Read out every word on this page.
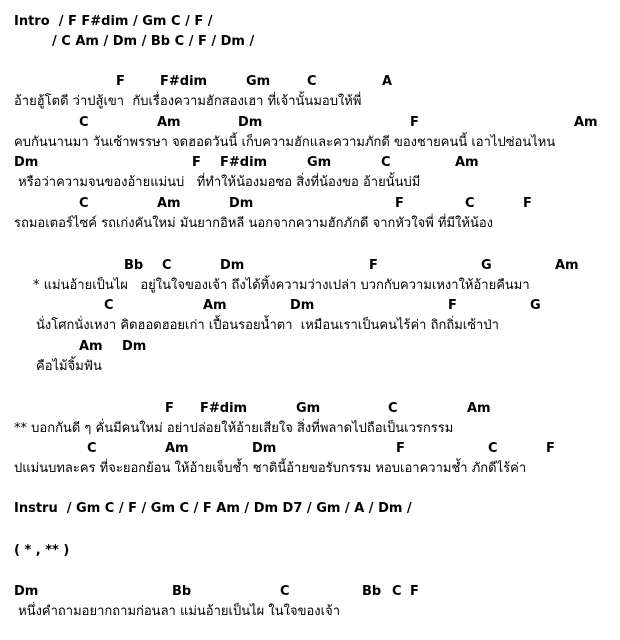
Intro  / F F#dim / Gm C / F /
/ C Am / Dm / Bb C / F / Dm /
Instru  / Gm C / F / Gm C / F Am / Dm D7 / Gm / A / Dm /
( * , ** )
F	F#dim	Gm	C	A
อ้ายฮู้โตดี ว่าปสู้เขา  กับเรื่องความฮักสองเฮา ที่เจ้านั้นมอบให้พี่
C	Am	Dm	F	Am
คบกันนานมา วันเซ้าพรรษา จดฮอดวันนี้ เก็บความฮักและความภักดี ของชายคนนี้ เอาไปซ่อนไหน
Dm	F F#dim	Gm	C	Am
หรือว่าความจนของอ้ายแม่นบ่   ที่ทำให้น้องมอซอ สิ่งที่น้องขอ อ้ายนั้นบ่มี
C	Am	Dm	F	C	F
รถมอเตอร์ไซค์ รถเก่งคันใหม่ มันยากอิหลี นอกจากความฮักภักดี จากหัวใจพี่ ที่มีให้น้อง
Bb C	Dm	F	G	Am
* แม่นอ้ายเป็นไผ   อยู่ในใจของเจ้า ถึงได้ทิ้งความว่างเปล่า บวกกับความเหงาให้อ้ายคืนมา
C	Am	Dm	F	G
นั่งโศกนั่งเหงา คิดฮอดฮอยเก่า เปื้อนรอยน้ำตา  เหมือนเราเป็นคนไร้ค่า ถิกถิ่มเซ้าป่า
Am Dm
คือไม้จิ้มฟัน
F F#dim	Gm	C	Am
** บอกกันดี ๆ คั่นมีคนใหม่ อย่าปล่อยให้อ้ายเสียใจ สิ่งที่พลาดไปถือเป็นเวรกรรม
C	Am	Dm	F	C	F
ปแม่นบทละคร ที่จะยอกย้อน ให้อ้ายเจ็บช้ำ ชาตินี้อ้ายขอรับกรรม หอบเอาความช้ำ ภักดีไร้ค่า
Dm	Bb	C	Bb C F
หนึ่งคำถามอยากถามก่อนลา แม่นอ้ายเป็นไผ ในใจของเจ้า
